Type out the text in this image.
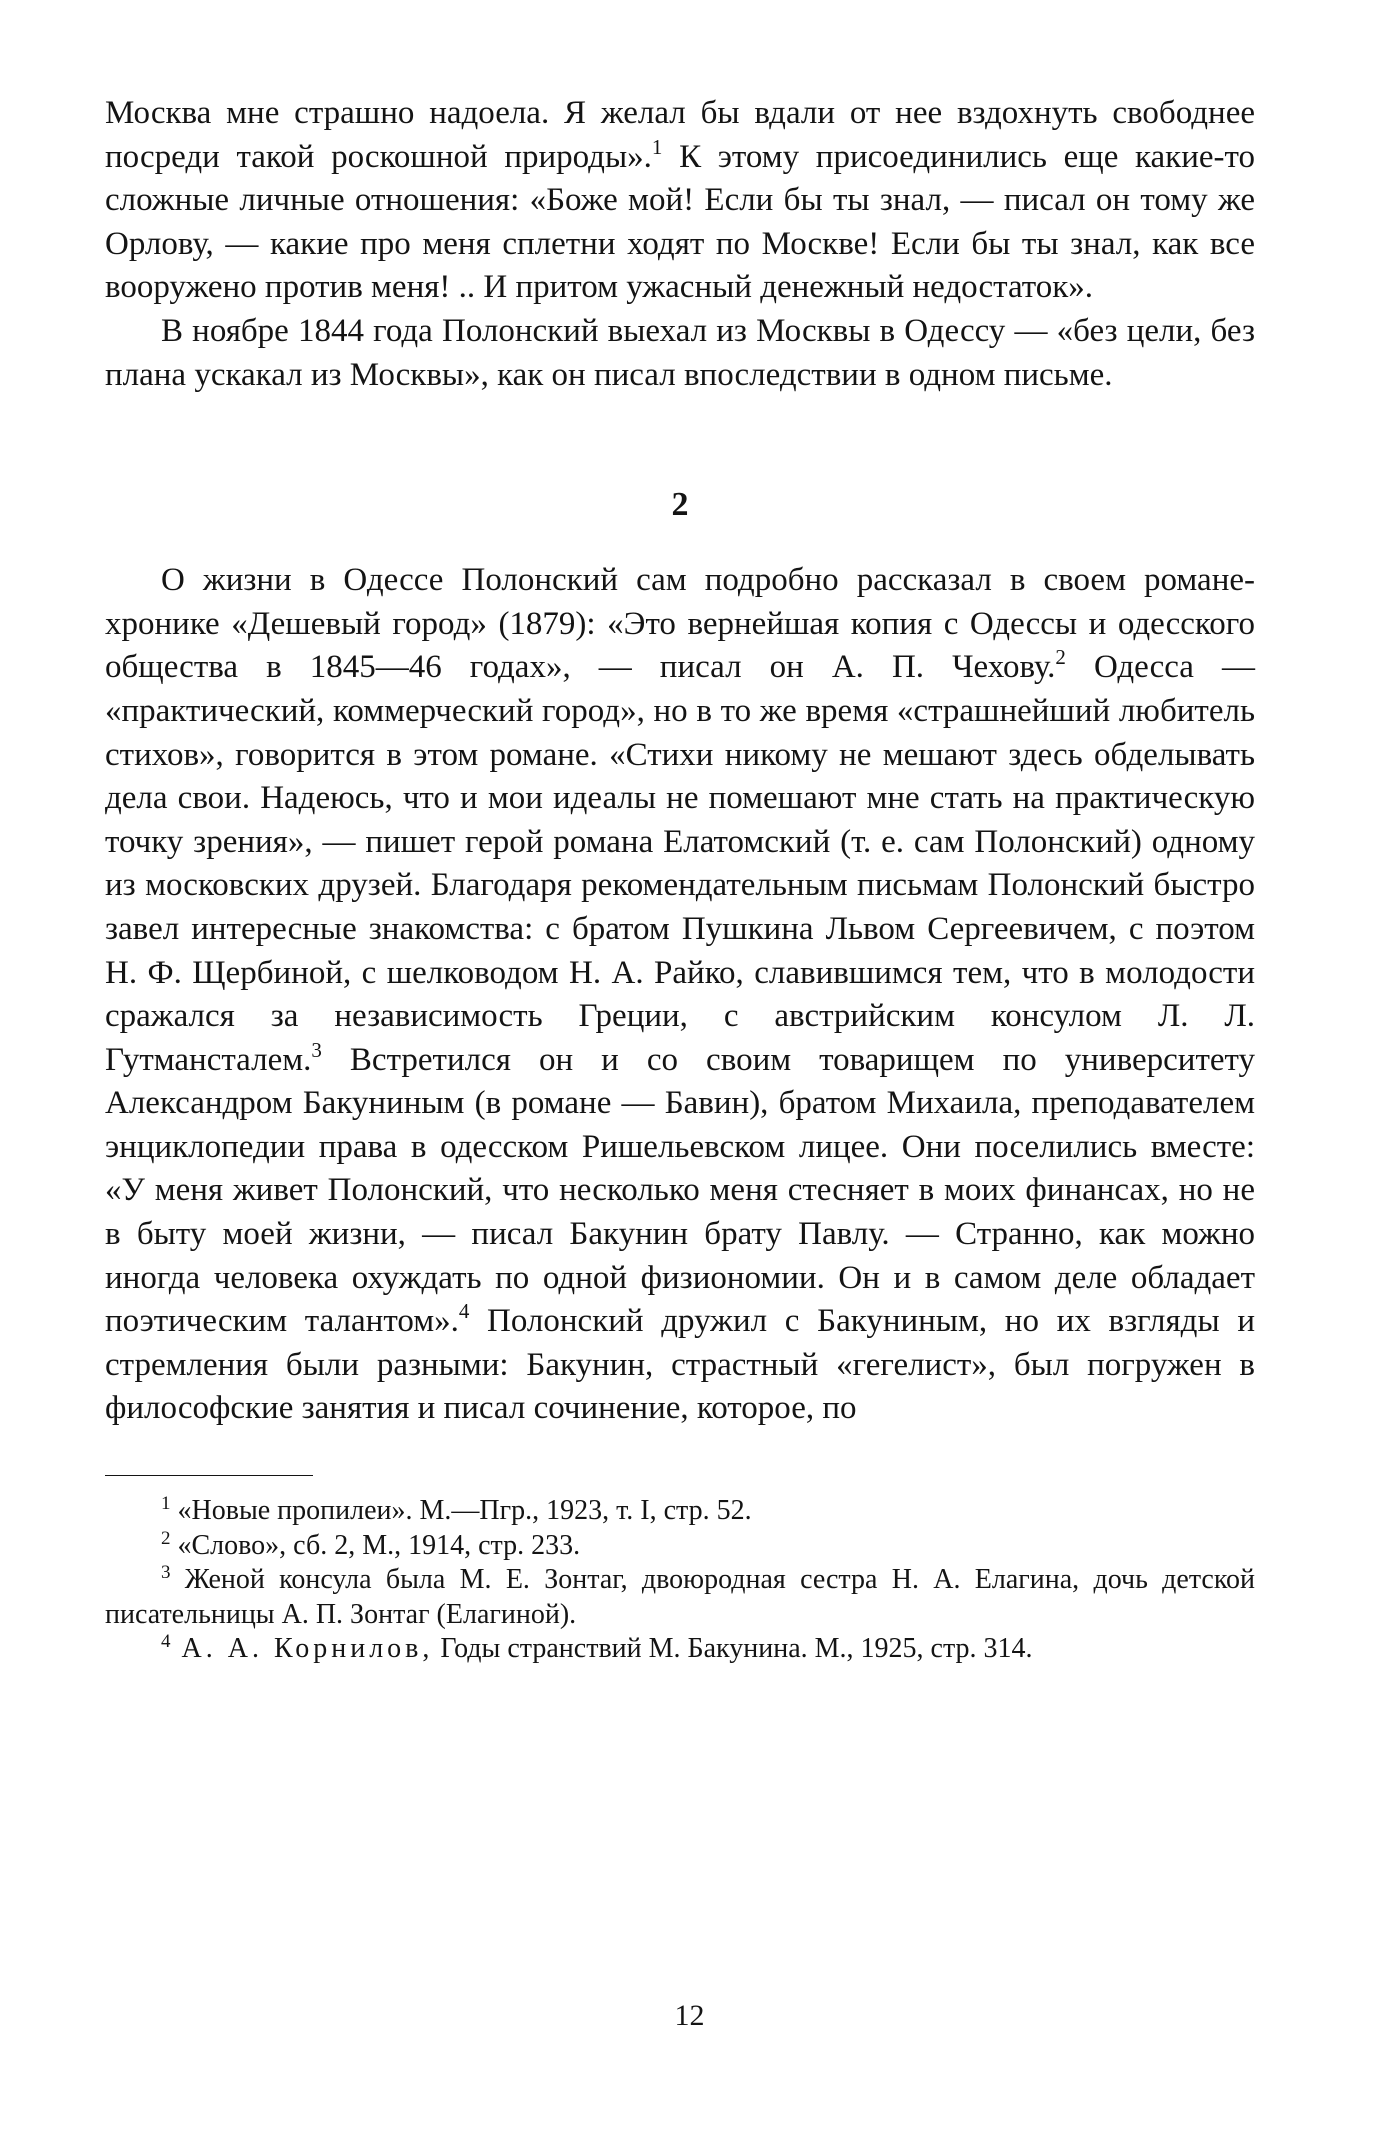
Москва мне страшно надоела. Я желал бы вдали от нее вздохнуть свободнее посреди такой роскошной природы».$^1$ К этому присоединились еще какие-то сложные личные отношения: «Боже мой! Если бы ты знал, — писал он тому же Орлову, — какие про меня сплетни ходят по Москве! Если бы ты знал, как все вооружено против меня! .. И притом ужасный денежный недостаток».

В ноябре 1844 года Полонский выехал из Москвы в Одессу — «без цели, без плана ускакал из Москвы», как он писал впоследствии в одном письме.

2

О жизни в Одессе Полонский сам подробно рассказал в своем романе-хронике «Дешевый город» (1879): «Это вернейшая копия с Одессы и одесского общества в 1845—46 годах», — писал он А. П. Чехову.$^2$ Одесса — «практический, коммерческий город», но в то же время «страшнейший любитель стихов», говорится в этом романе. «Стихи никому не мешают здесь обделывать дела свои. Надеюсь, что и мои идеалы не помешают мне стать на практическую точку зрения», — пишет герой романа Елатомский (т. е. сам Полонский) одному из московских друзей. Благодаря рекомендательным письмам Полонский быстро завел интересные знакомства: с братом Пушкина Львом Сергеевичем, с поэтом Н. Ф. Щербиной, с шелководом Н. А. Райко, славившимся тем, что в молодости сражался за независимость Греции, с австрийским консулом Л. Л. Гутмансталем.$^3$ Встретился он и со своим товарищем по университету Александром Бакуниным (в романе — Бавин), братом Михаила, преподавателем энциклопедии права в одесском Ришельевском лицее. Они поселились вместе: «У меня живет Полонский, что несколько меня стесняет в моих финансах, но не в быту моей жизни, — писал Бакунин брату Павлу. — Странно, как можно иногда человека охуждать по одной физиономии. Он и в самом деле обладает поэтическим талантом».$^4$ Полонский дружил с Бакуниным, но их взгляды и стремления были разными: Бакунин, страстный «гегелист», был погружен в философские занятия и писал сочинение, которое, по

$^1$ «Новые пропилеи». М.—Пгр., 1923, т. I, стр. 52.

$^2$ «Слово», сб. 2, М., 1914, стр. 233.

$^3$ Женой консула была М. Е. Зонтаг, двоюродная сестра Н. А. Елагина, дочь детской писательницы А. П. Зонтаг (Елагиной).

$^4$ А. А. Корнилов, Годы странствий М. Бакунина. М., 1925, стр. 314.

12
